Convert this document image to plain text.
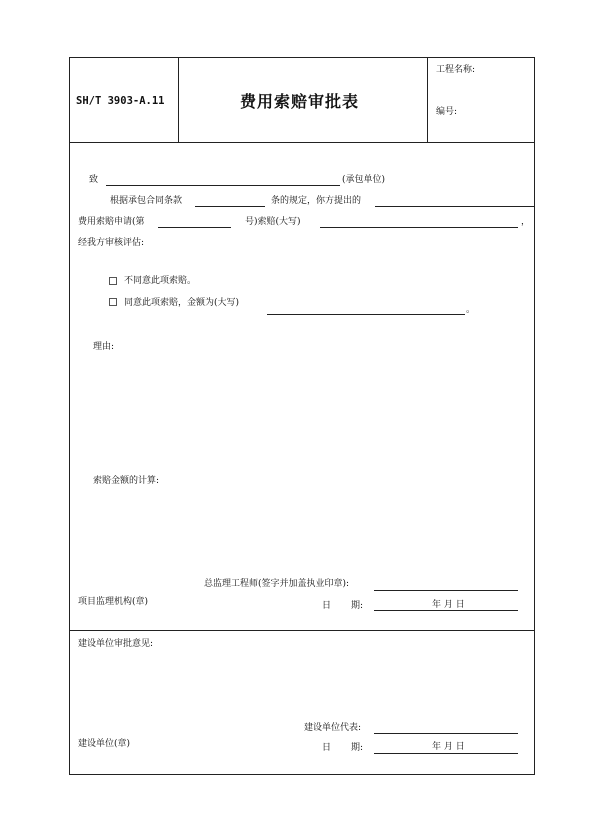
SH/T 3903-A.11	费用索赔审批表
工程名称:
编号:
致	(承包单位)
根据承包合同条款	条的规定，你方提出的
费用索赔申请(第	号)索赔(大写)	，
经我方审核评估:
不同意此项索赔。
同意此项索赔，金额为(大写)
。
理由:
索赔金额的计算:
总监理工程师(签字并加盖执业印章):
项目监理机构(章)	日 期:	年 月 日
建设单位审批意见:
建设单位代表:
建设单位(章)	日 期:	年 月 日
